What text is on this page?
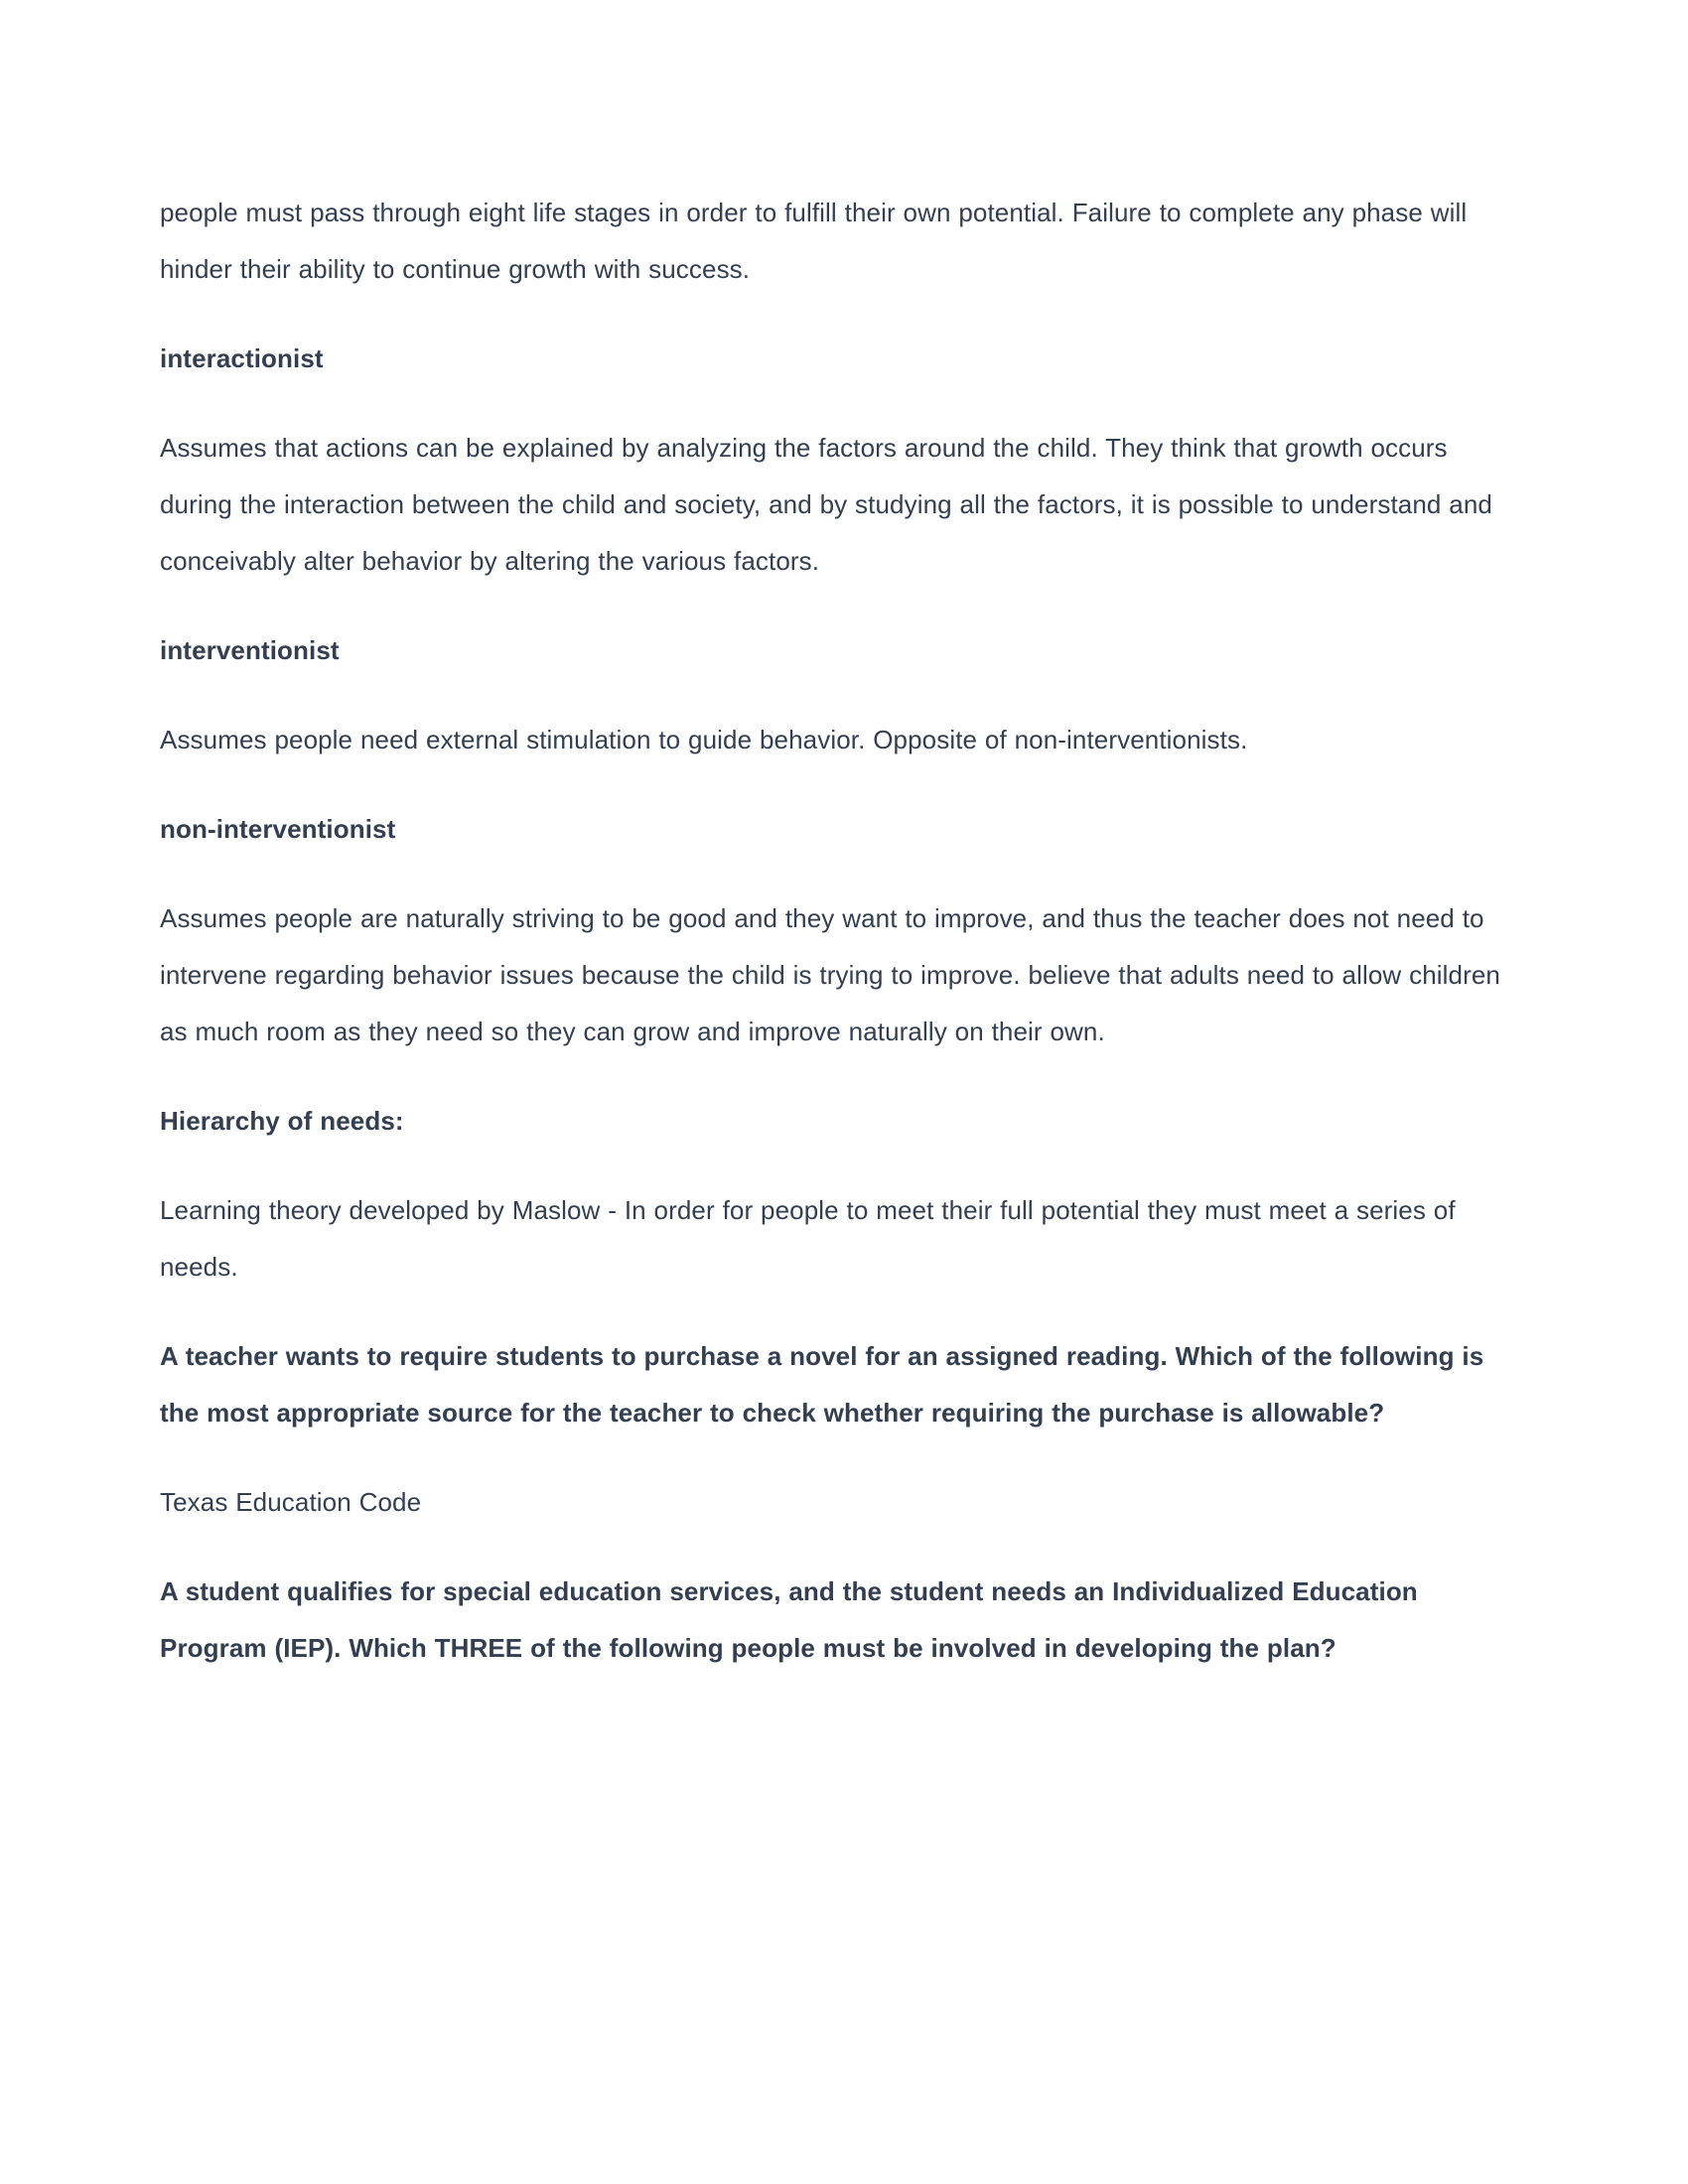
people must pass through eight life stages in order to fulfill their own potential. Failure to complete any phase will hinder their ability to continue growth with success.

interactionist

Assumes that actions can be explained by analyzing the factors around the child. They think that growth occurs during the interaction between the child and society, and by studying all the factors, it is possible to understand and conceivably alter behavior by altering the various factors.

interventionist

Assumes people need external stimulation to guide behavior. Opposite of non-interventionists.

non-interventionist

Assumes people are naturally striving to be good and they want to improve, and thus the teacher does not need to intervene regarding behavior issues because the child is trying to improve. believe that adults need to allow children as much room as they need so they can grow and improve naturally on their own.

Hierarchy of needs:

Learning theory developed by Maslow - In order for people to meet their full potential they must meet a series of needs.

A teacher wants to require students to purchase a novel for an assigned reading. Which of the following is the most appropriate source for the teacher to check whether requiring the purchase is allowable?

Texas Education Code

A student qualifies for special education services, and the student needs an Individualized Education Program (IEP). Which THREE of the following people must be involved in developing the plan?
